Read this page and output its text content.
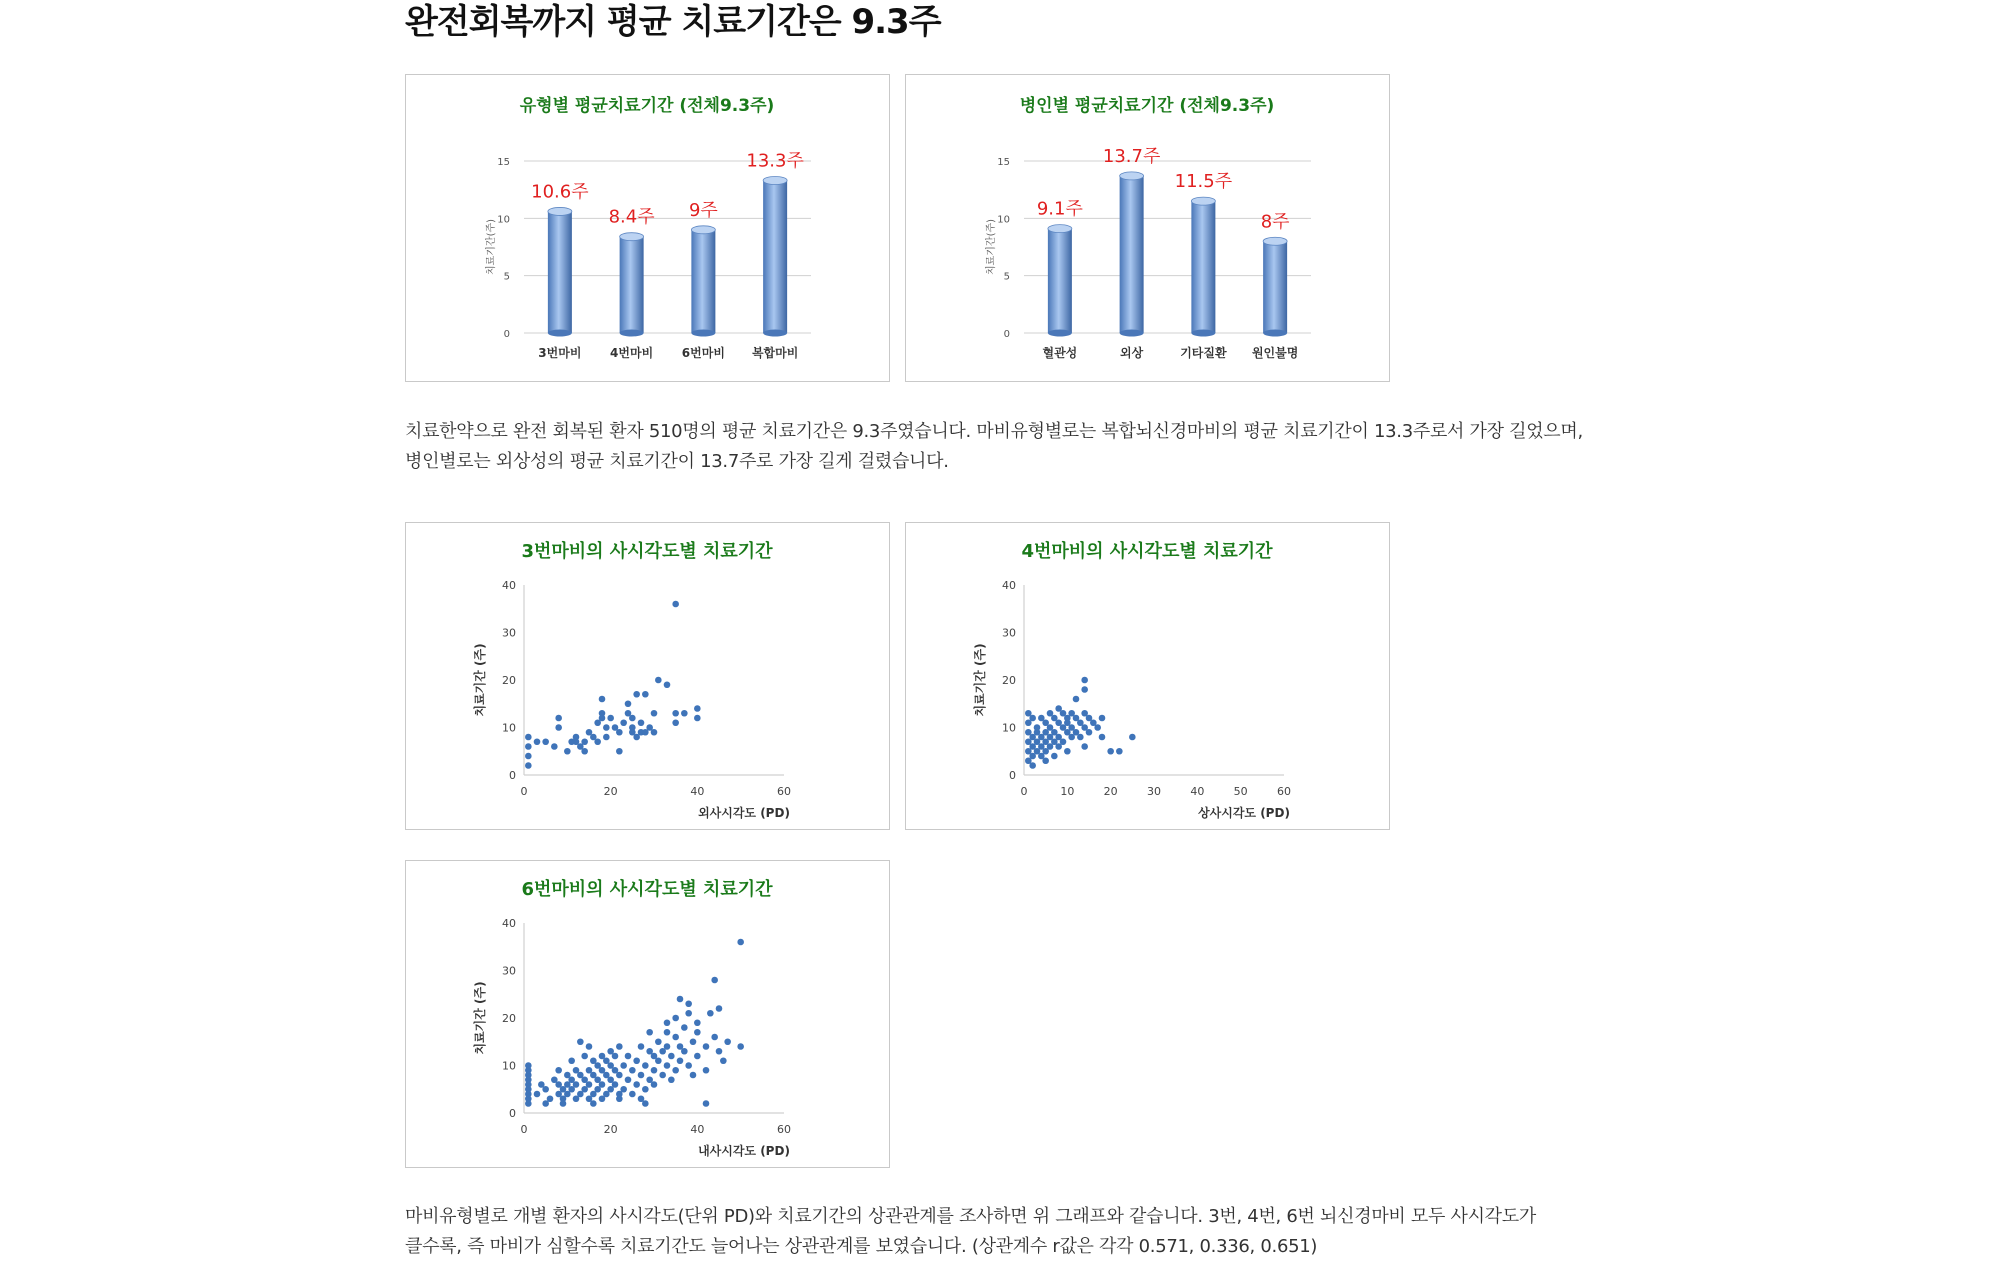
완전회복까지 평균 치료기간은 9.3주
유형별 평균치료기간 (전체9.3주)
0
5
10
15
치료기간(주)
10.6주
3번마비
8.4주
4번마비
9주
6번마비
13.3주
복합마비
병인별 평균치료기간 (전체9.3주)
0
5
10
15
치료기간(주)
9.1주
혈관성
13.7주
외상
11.5주
기타질환
8주
원인불명
치료한약으로 완전 회복된 환자 510명의 평균 치료기간은 9.3주였습니다. 마비유형별로는 복합뇌신경마비의 평균 치료기간이 13.3주로서 가장 길었으며,
병인별로는 외상성의 평균 치료기간이 13.7주로 가장 길게 걸렸습니다.
3번마비의 사시각도별 치료기간
0
10
20
30
40
0	20	40	60
치료기간 (주)
외사시각도 (PD)
4번마비의 사시각도별 치료기간
0
10
20
30
40
0	10	20	30	40	50	60
치료기간 (주)
상사시각도 (PD)
6번마비의 사시각도별 치료기간
0
10
20
30
40
0	20	40	60
치료기간 (주)
내사시각도 (PD)
마비유형별로 개별 환자의 사시각도(단위 PD)와 치료기간의 상관관계를 조사하면 위 그래프와 같습니다. 3번, 4번, 6번 뇌신경마비 모두 사시각도가
클수록, 즉 마비가 심할수록 치료기간도 늘어나는 상관관계를 보였습니다. (상관계수 r값은 각각 0.571, 0.336, 0.651)
